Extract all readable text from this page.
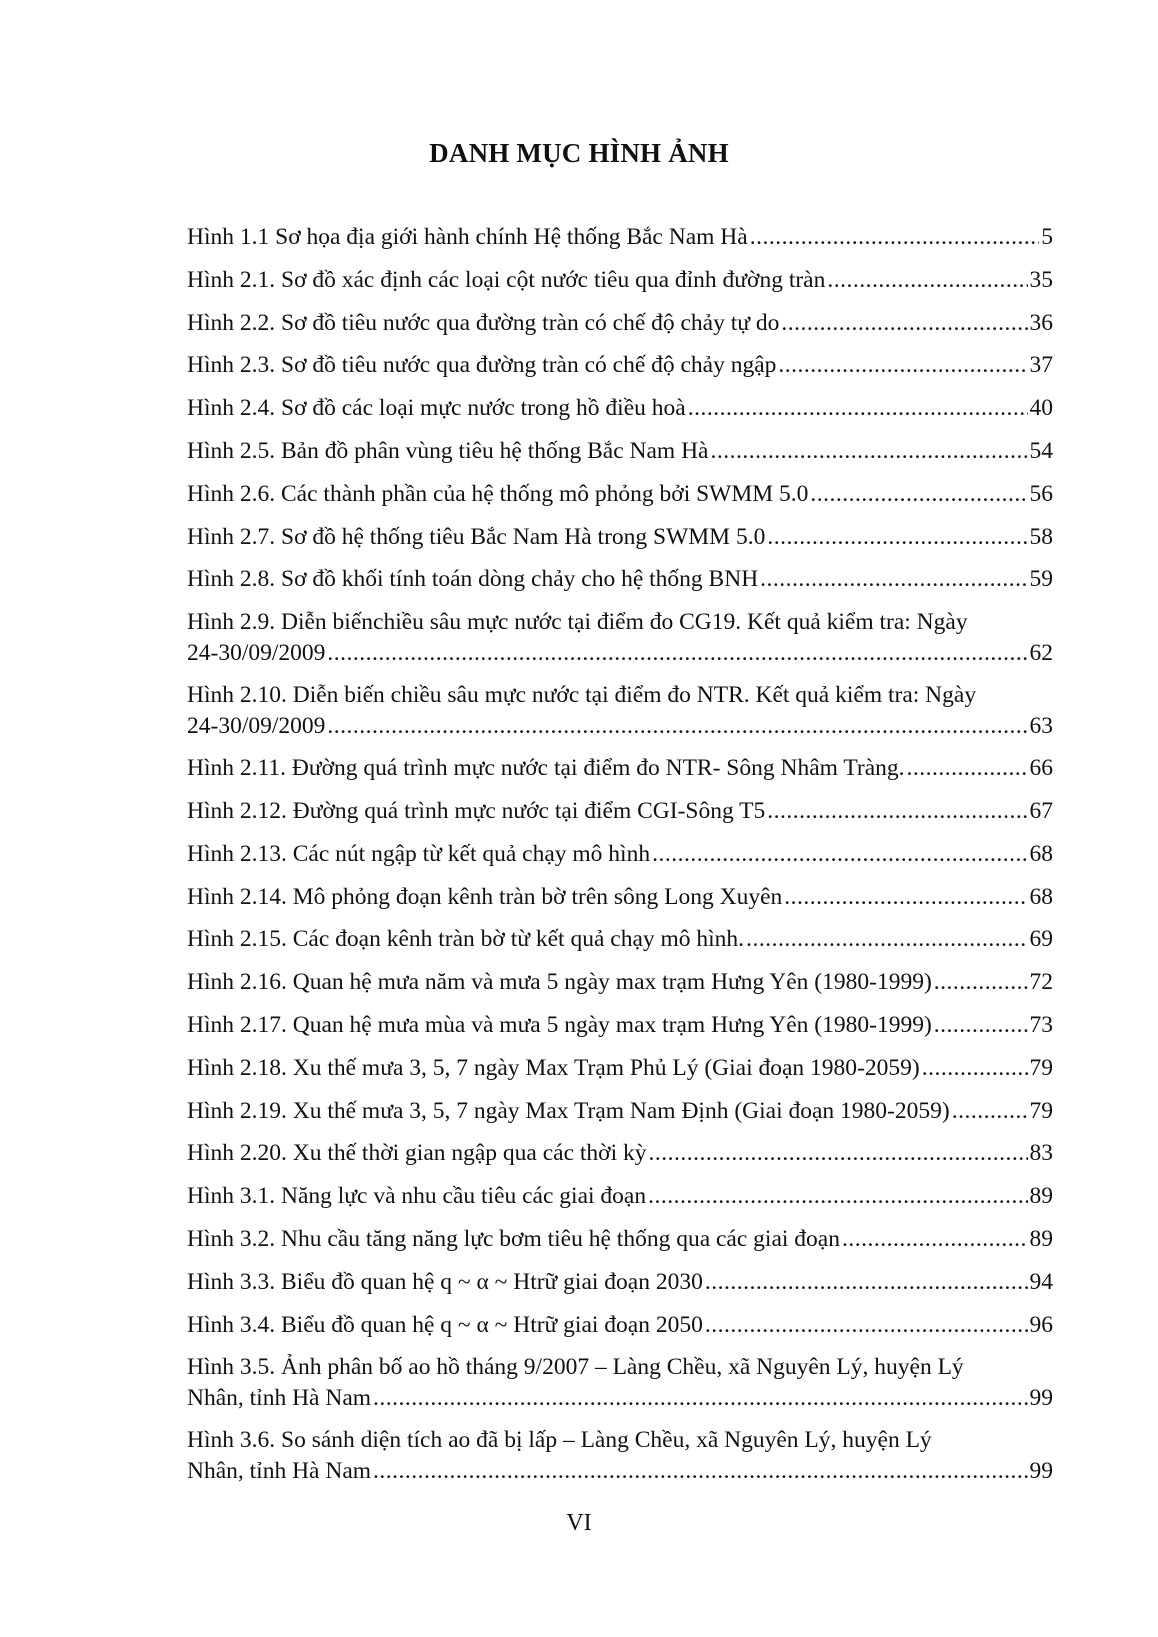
DANH MỤC HÌNH ẢNH
Hình 1.1 Sơ họa địa giới hành chính Hệ thống Bắc Nam Hà .....	5
Hình 2.1. Sơ đồ xác định các loại cột nước tiêu qua đỉnh đường tràn .....	35
Hình 2.2. Sơ đồ tiêu nước qua đường tràn có chế độ chảy tự do .....	36
Hình 2.3. Sơ đồ tiêu nước qua đường tràn có chế độ chảy ngập .....	37
Hình 2.4. Sơ đồ các loại mực nước trong hồ điều hoà .....	40
Hình 2.5. Bản đồ phân vùng tiêu hệ thống Bắc Nam Hà .....	54
Hình 2.6. Các thành phần của hệ thống mô phỏng bởi SWMM 5.0 .....	56
Hình 2.7. Sơ đồ hệ thống tiêu Bắc Nam Hà trong SWMM 5.0 .....	58
Hình 2.8. Sơ đồ khối tính toán dòng chảy cho hệ thống BNH .....	59
Hình 2.9. Diễn biếnchiều sâu mực nước tại điểm đo CG19. Kết quả kiểm tra: Ngày
24-30/09/2009 .....	62
Hình 2.10. Diễn biến chiều sâu mực nước tại điểm đo NTR. Kết quả kiểm tra: Ngày
24-30/09/2009 .....	63
Hình 2.11. Đường quá trình mực nước tại điểm đo NTR- Sông Nhâm Tràng. .....	66
Hình 2.12. Đường quá trình mực nước tại điểm CGI-Sông T5 .....	67
Hình 2.13. Các nút ngập từ kết quả chạy mô hình .....	68
Hình 2.14. Mô phỏng đoạn kênh tràn bờ trên sông Long Xuyên .....	68
Hình 2.15. Các đoạn kênh tràn bờ từ kết quả chạy mô hình. .....	69
Hình 2.16. Quan hệ mưa năm và mưa 5 ngày max trạm Hưng Yên (1980-1999) .....	72
Hình 2.17. Quan hệ mưa mùa và mưa 5 ngày max trạm Hưng Yên (1980-1999) .....	73
Hình 2.18. Xu thế mưa 3, 5, 7 ngày Max Trạm Phủ Lý (Giai đoạn 1980-2059) .....	79
Hình 2.19. Xu thế mưa 3, 5, 7 ngày Max Trạm Nam Định (Giai đoạn 1980-2059) .....	79
Hình 2.20. Xu thế thời gian ngập qua các thời kỳ .....	83
Hình 3.1. Năng lực và nhu cầu tiêu các giai đoạn .....	89
Hình 3.2. Nhu cầu tăng năng lực bơm tiêu hệ thống qua các giai đoạn .....	89
Hình 3.3. Biểu đồ quan hệ q ~ α ~ Htrữ giai đoạn 2030 .....	94
Hình 3.4. Biểu đồ quan hệ q ~ α ~ Htrữ giai đoạn 2050 .....	96
Hình 3.5. Ảnh phân bố ao hồ tháng 9/2007 – Làng Chều, xã Nguyên Lý, huyện Lý
Nhân, tỉnh Hà Nam .....	99
Hình 3.6. So sánh diện tích ao đã bị lấp – Làng Chều, xã Nguyên Lý, huyện Lý
Nhân, tỉnh Hà Nam .....	99
VI
